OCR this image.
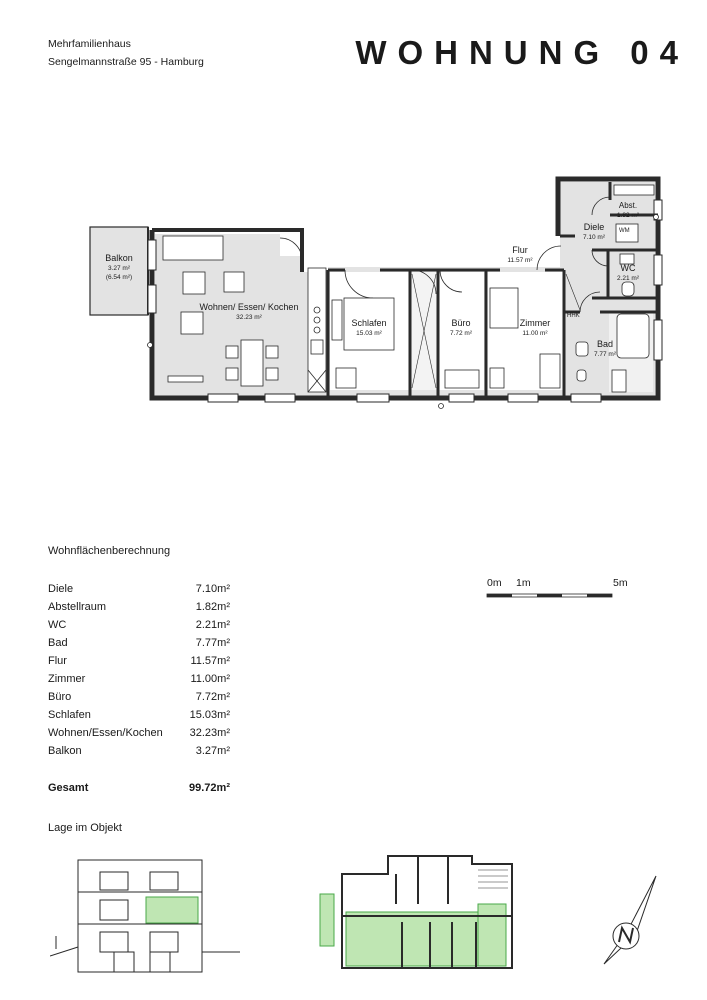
Mehrfamilienhaus
Sengelmannstraße 95 - Hamburg	WOHNUNG 04
Balkon
3.27 m²
(6.54 m²)
Wohnen/ Essen/ Kochen
32.23 m²
Schlafen
15.03 m²
Büro
7.72 m²
Zimmer
11.00 m²
Flur
11.57 m²
Diele
7.10 m²
Abst.
1.82 m²
WC
2.21 m²
Bad
7.77 m²
WM
HHK
Wohnflächenberechnung
Diele	7.10m²
Abstellraum	1.82m²
WC	2.21m²
Bad	7.77m²
Flur	11.57m²
Zimmer	11.00m²
Büro	7.72m²
Schlafen	15.03m²
Wohnen/Essen/Kochen 32.23m²
Balkon	3.27m²
Gesamt	99.72m²
0m 1m	5m
Lage im Objekt
